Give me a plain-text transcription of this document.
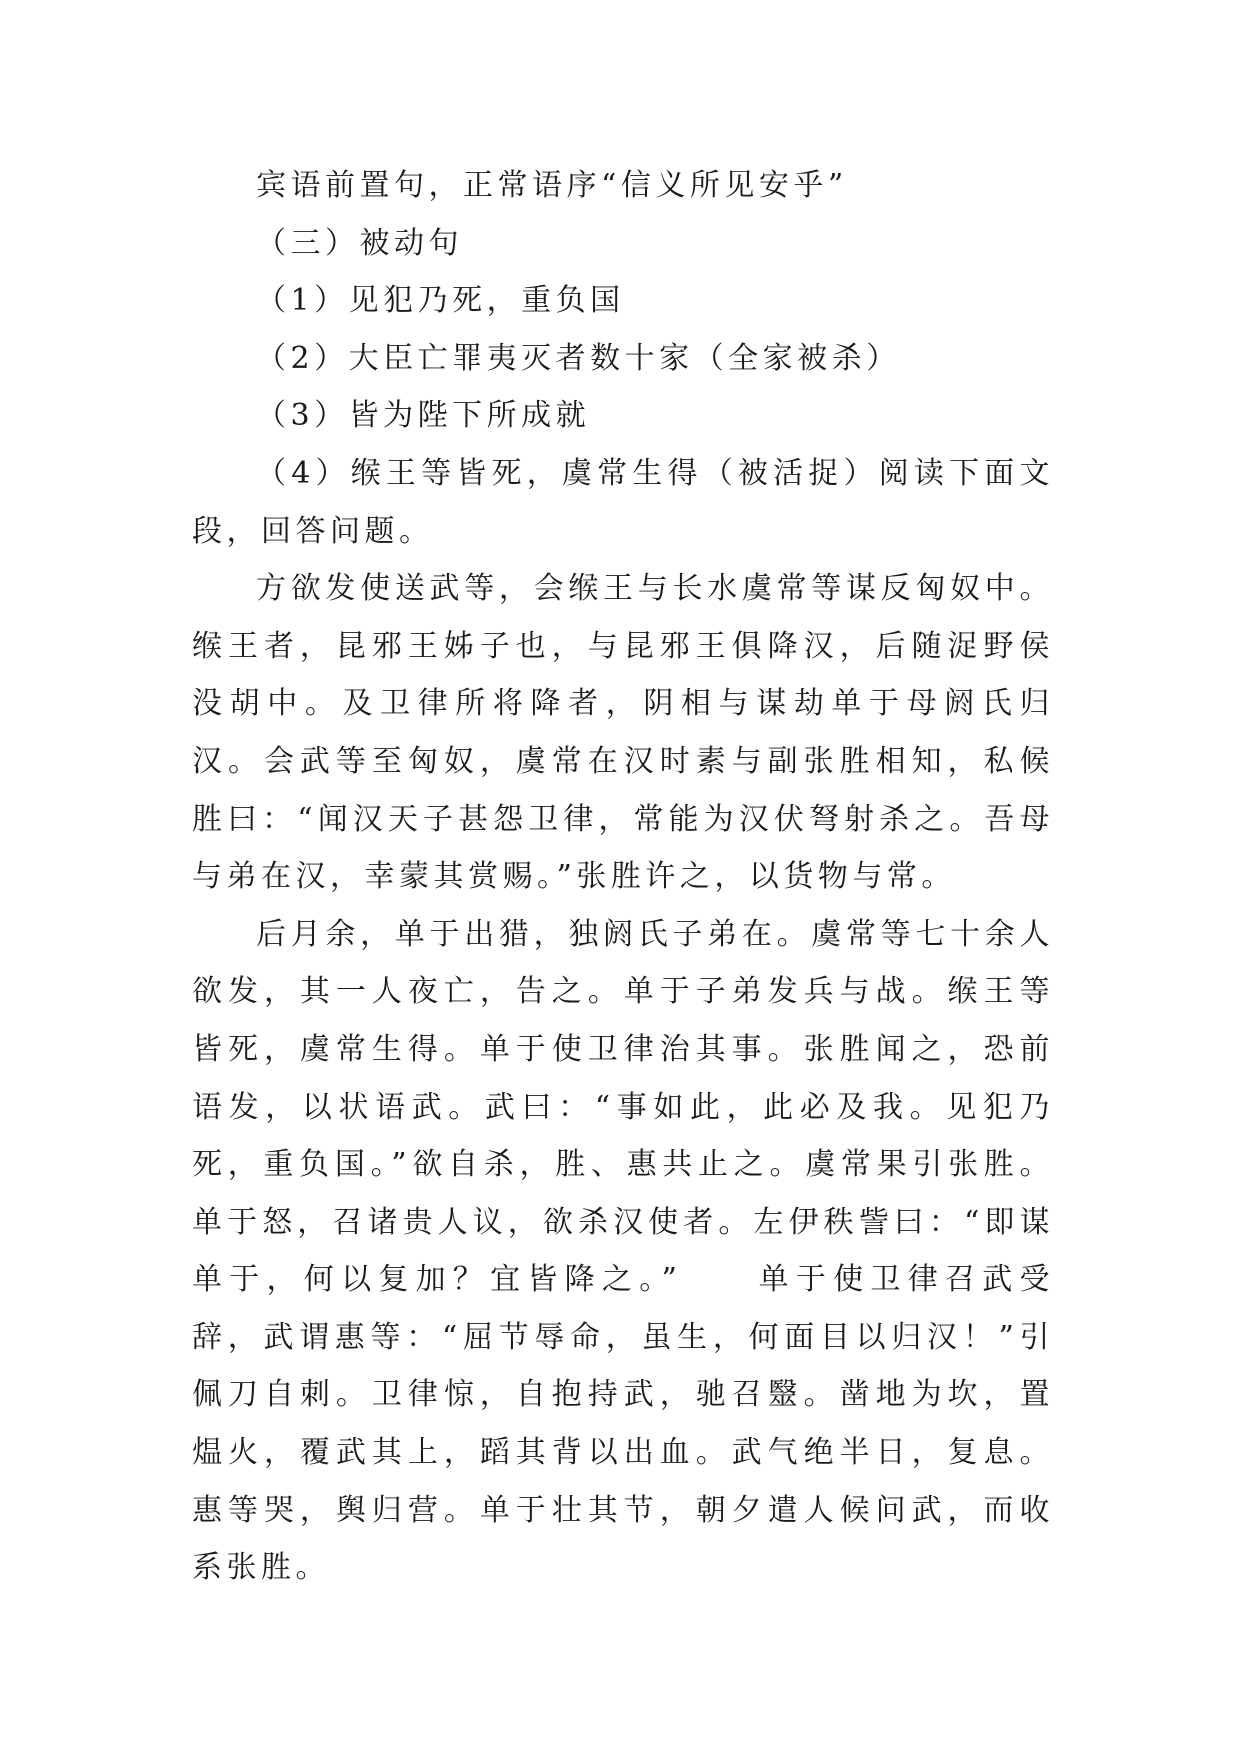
宾语前置句，正常语序“信义所见安乎”

（三）被动句

（1）见犯乃死，重负国

（2）大臣亡罪夷灭者数十家（全家被杀）

（3）皆为陛下所成就

（4）缑王等皆死，虞常生得（被活捉）阅读下面文段，回答问题。

方欲发使送武等，会缑王与长水虞常等谋反匈奴中。缑王者，昆邪王姊子也，与昆邪王俱降汉，后随浞野侯没胡中。及卫律所将降者，阴相与谋劫单于母阏氏归汉。会武等至匈奴，虞常在汉时素与副张胜相知，私候胜曰：“闻汉天子甚怨卫律，常能为汉伏弩射杀之。吾母与弟在汉，幸蒙其赏赐。”张胜许之，以货物与常。

后月余，单于出猎，独阏氏子弟在。虞常等七十余人欲发，其一人夜亡，告之。单于子弟发兵与战。缑王等皆死，虞常生得。单于使卫律治其事。张胜闻之，恐前语发，以状语武。武曰：“事如此，此必及我。见犯乃死，重负国。”欲自杀，胜、惠共止之。虞常果引张胜。单于怒，召诸贵人议，欲杀汉使者。左伊秩訾曰：“即谋单于，何以复加？宜皆降之。”　　单于使卫律召武受辞，武谓惠等：“屈节辱命，虽生，何面目以归汉！”引佩刀自刺。卫律惊，自抱持武，驰召毉。凿地为坎，置煴火，覆武其上，蹈其背以出血。武气绝半日，复息。惠等哭，舆归营。单于壮其节，朝夕遣人候问武，而收系张胜。
